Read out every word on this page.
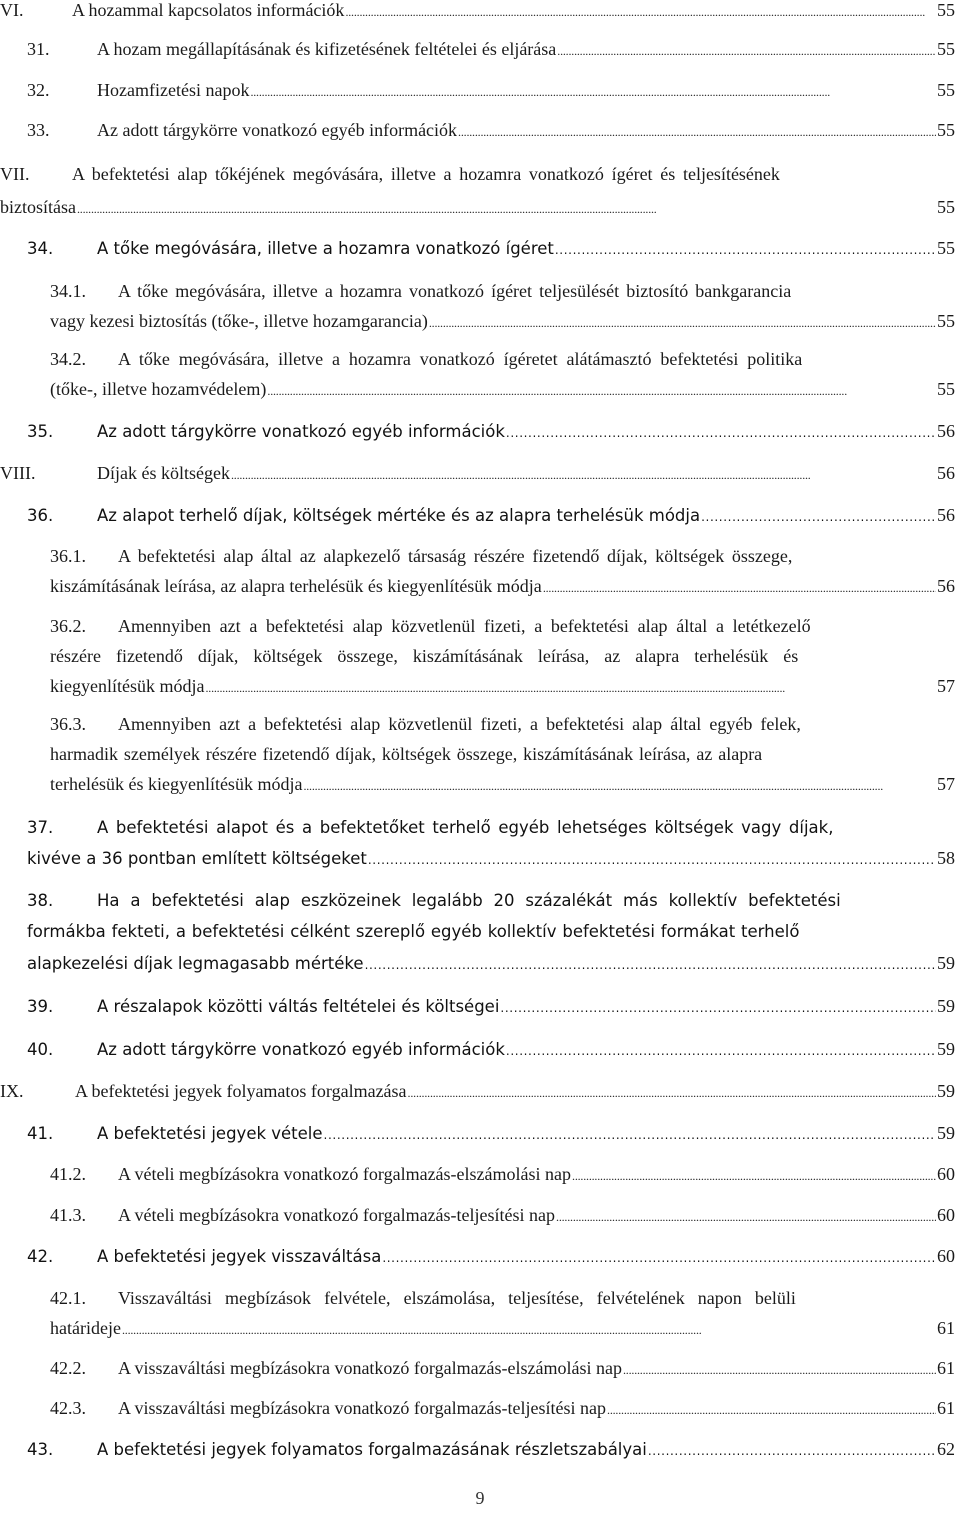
VI.	A hozammal kapcsolatos információk . . .	55
31.	A hozam megállapításának és kifizetésének feltételei és eljárása . . .	55
32.	Hozamfizetési napok . . .	55
33.	Az adott tárgykörre vonatkozó egyéb információk . . .	55
VII.	A befektetési alap tőkéjének megóvására, illetve a hozamra vonatkozó ígéret és teljesítésének
biztosítása . . .	55
34.	A tőke megóvására, illetve a hozamra vonatkozó ígéret . . .	55
34.1.	A tőke megóvására, illetve a hozamra vonatkozó ígéret teljesülését biztosító bankgarancia
vagy kezesi biztosítás (tőke-, illetve hozamgarancia) . . .	55
34.2.	A tőke megóvására, illetve a hozamra vonatkozó ígéretet alátámasztó befektetési politika
(tőke-, illetve hozamvédelem) . . .	55
35.	Az adott tárgykörre vonatkozó egyéb információk . . .	56
VIII.	Díjak és költségek . . .	56
36.	Az alapot terhelő díjak, költségek mértéke és az alapra terhelésük módja . . .	56
36.1.	A befektetési alap által az alapkezelő társaság részére fizetendő díjak, költségek összege,
kiszámításának leírása, az alapra terhelésük és kiegyenlítésük módja . . .	56
36.2.	Amennyiben azt a befektetési alap közvetlenül fizeti, a befektetési alap által a letétkezelő
részére fizetendő díjak, költségek összege, kiszámításának leírása, az alapra terhelésük és
kiegyenlítésük módja . . .	57
36.3.	Amennyiben azt a befektetési alap közvetlenül fizeti, a befektetési alap által egyéb felek,
harmadik személyek részére fizetendő díjak, költségek összege, kiszámításának leírása, az alapra
terhelésük és kiegyenlítésük módja . . .	57
37.	A befektetési alapot és a befektetőket terhelő egyéb lehetséges költségek vagy díjak,
kivéve a 36 pontban említett költségeket . . .	58
38.	Ha a befektetési alap eszközeinek legalább 20 százalékát más kollektív befektetési
formákba fekteti, a befektetési célként szereplő egyéb kollektív befektetési formákat terhelő
alapkezelési díjak legmagasabb mértéke . . .	59
39.	A részalapok közötti váltás feltételei és költségei . . .	59
40.	Az adott tárgykörre vonatkozó egyéb információk . . .	59
IX.	A befektetési jegyek folyamatos forgalmazása . . .	59
41.	A befektetési jegyek vétele . . .	59
41.2.	A vételi megbízásokra vonatkozó forgalmazás-elszámolási nap . . .	60
41.3.	A vételi megbízásokra vonatkozó forgalmazás-teljesítési nap . . .	60
42.	A befektetési jegyek visszaváltása . . .	60
42.1.	Visszaváltási megbízások felvétele, elszámolása, teljesítése, felvételének napon belüli
határideje . . .	61
42.2.	A visszaváltási megbízásokra vonatkozó forgalmazás-elszámolási nap . . .	61
42.3.	A visszaváltási megbízásokra vonatkozó forgalmazás-teljesítési nap . . .	61
43.	A befektetési jegyek folyamatos forgalmazásának részletszabályai . . .	62
9
